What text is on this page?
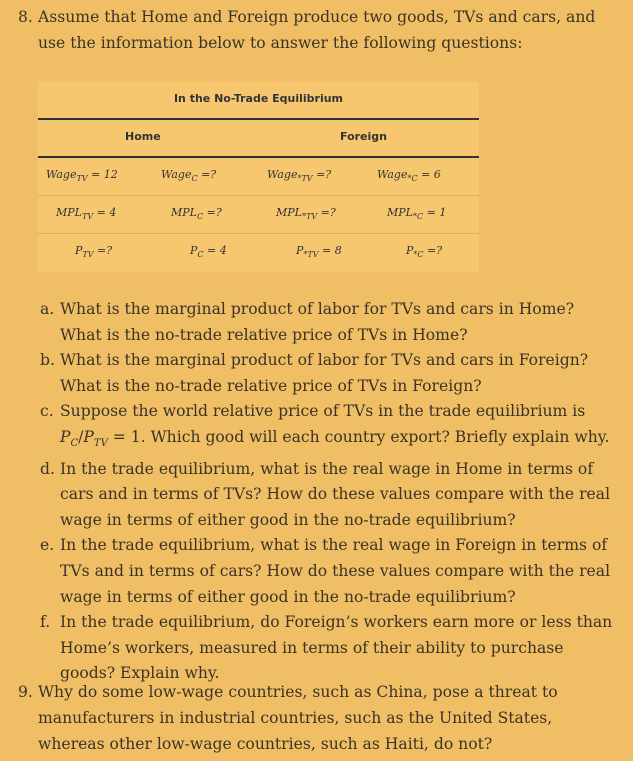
8. Assume that Home and Foreign produce two goods, TVs and cars, and use the information below to answer the following questions:
In the No-Trade Equilibrium
Home	Foreign
Wage$_{TV}$ = 12	Wage$_C$ =?	Wage$_{*TV}$ =?	Wage$_{*C}$ = 6
$MPL_{TV} = 4$	$MPL_C$ =?	$MPL_{*TV}$ =?	$MPL_{*C} = 1$
$P_{TV}$ =?	$P_C = 4$	$P_{*TV} = 8$	$P_{*C}$ =?
a. What is the marginal product of labor for TVs and cars in Home? What is the no-trade relative price of TVs in Home?
b. What is the marginal product of labor for TVs and cars in Foreign? What is the no-trade relative price of TVs in Foreign?
c. Suppose the world relative price of TVs in the trade equilibrium is $P_C/P_{TV} = 1$. Which good will each country export? Briefly explain why.
d. In the trade equilibrium, what is the real wage in Home in terms of cars and in terms of TVs? How do these values compare with the real wage in terms of either good in the no-trade equilibrium?
e. In the trade equilibrium, what is the real wage in Foreign in terms of TVs and in terms of cars? How do these values compare with the real wage in terms of either good in the no-trade equilibrium?
f. In the trade equilibrium, do Foreign’s workers earn more or less than Home’s workers, measured in terms of their ability to purchase goods? Explain why.
9. Why do some low-wage countries, such as China, pose a threat to manufacturers in industrial countries, such as the United States, whereas other low-wage countries, such as Haiti, do not?
